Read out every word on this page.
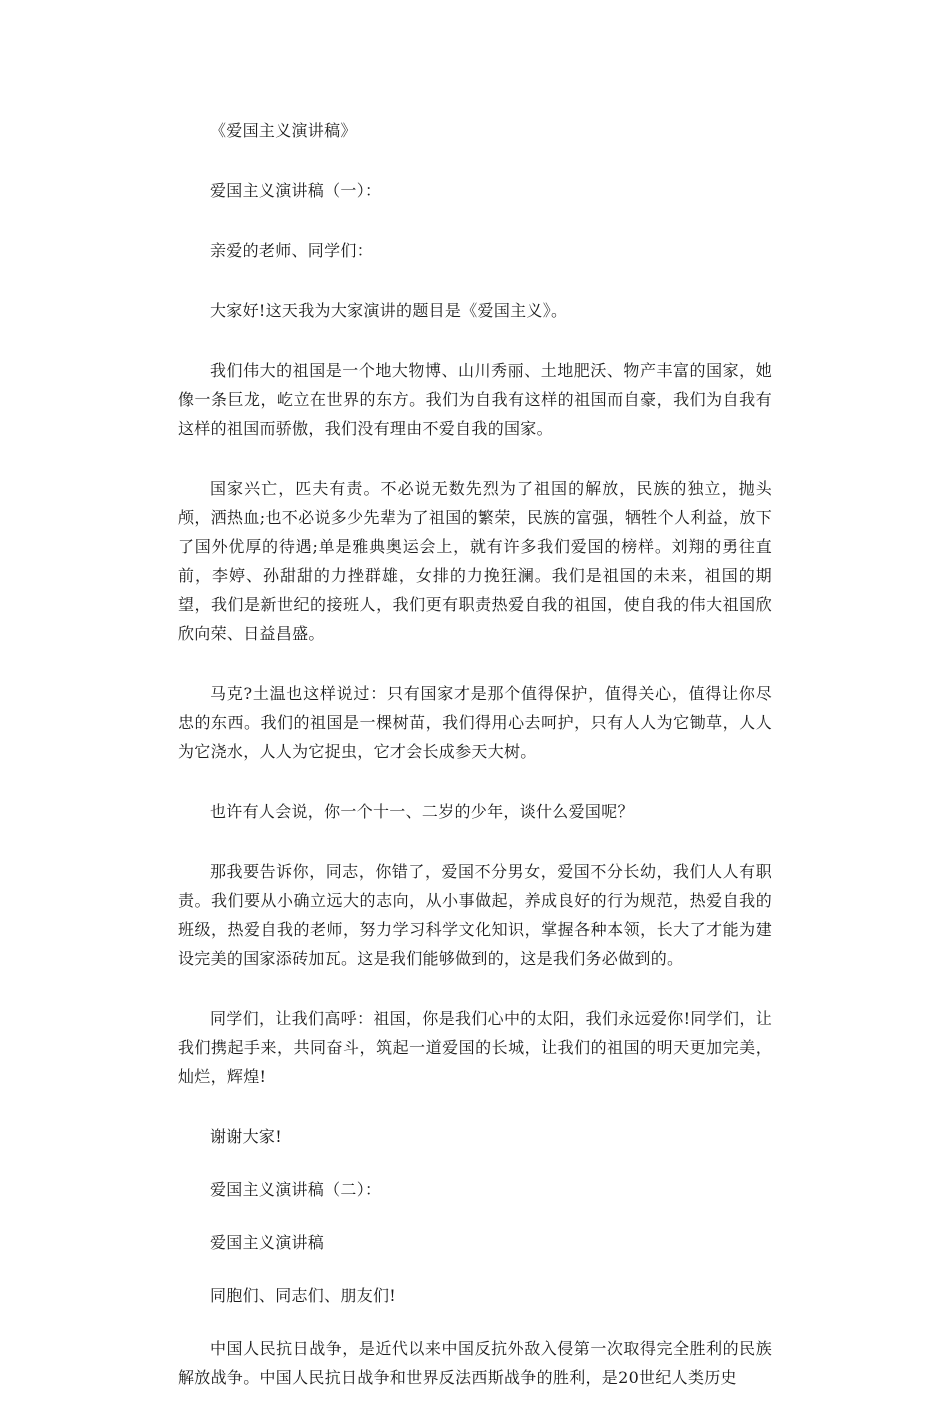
《爱国主义演讲稿》

爱国主义演讲稿（一）：

亲爱的老师、同学们：

大家好!这天我为大家演讲的题目是《爱国主义》。

我们伟大的祖国是一个地大物博、山川秀丽、土地肥沃、物产丰富的国家，她像一条巨龙，屹立在世界的东方。我们为自我有这样的祖国而自豪，我们为自我有这样的祖国而骄傲，我们没有理由不爱自我的国家。

国家兴亡，匹夫有责。不必说无数先烈为了祖国的解放，民族的独立，抛头颅，洒热血;也不必说多少先辈为了祖国的繁荣，民族的富强，牺牲个人利益，放下了国外优厚的待遇;单是雅典奥运会上，就有许多我们爱国的榜样。刘翔的勇往直前，李婷、孙甜甜的力挫群雄，女排的力挽狂澜。我们是祖国的未来，祖国的期望，我们是新世纪的接班人，我们更有职责热爱自我的祖国，使自我的伟大祖国欣欣向荣、日益昌盛。

马克?土温也这样说过：只有国家才是那个值得保护，值得关心，值得让你尽忠的东西。我们的祖国是一棵树苗，我们得用心去呵护，只有人人为它锄草，人人为它浇水，人人为它捉虫，它才会长成参天大树。

也许有人会说，你一个十一、二岁的少年，谈什么爱国呢？

那我要告诉你，同志，你错了，爱国不分男女，爱国不分长幼，我们人人有职责。我们要从小确立远大的志向，从小事做起，养成良好的行为规范，热爱自我的班级，热爱自我的老师，努力学习科学文化知识，掌握各种本领，长大了才能为建设完美的国家添砖加瓦。这是我们能够做到的，这是我们务必做到的。

同学们，让我们高呼：祖国，你是我们心中的太阳，我们永远爱你!同学们，让我们携起手来，共同奋斗，筑起一道爱国的长城，让我们的祖国的明天更加完美，灿烂，辉煌!

谢谢大家!

爱国主义演讲稿（二）：

爱国主义演讲稿

同胞们、同志们、朋友们!

中国人民抗日战争，是近代以来中国反抗外敌入侵第一次取得完全胜利的民族解放战争。中国人民抗日战争和世界反法西斯战争的胜利，是20世纪人类历史
